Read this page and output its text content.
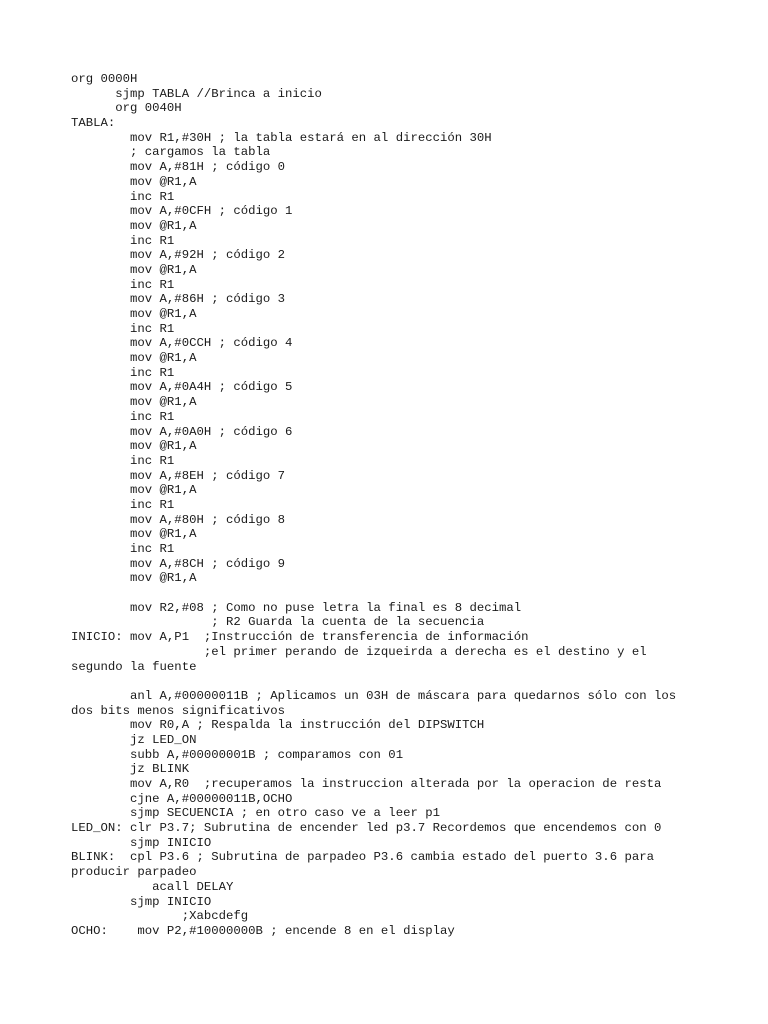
org 0000H
sjmp TABLA //Brinca a inicio
org 0040H
TABLA:
mov R1,#30H ; la tabla estará en al dirección 30H
; cargamos la tabla
mov A,#81H ; código 0
mov @R1,A
inc R1
mov A,#0CFH ; código 1
mov @R1,A
inc R1
mov A,#92H ; código 2
mov @R1,A
inc R1
mov A,#86H ; código 3
mov @R1,A
inc R1
mov A,#0CCH ; código 4
mov @R1,A
inc R1
mov A,#0A4H ; código 5
mov @R1,A
inc R1
mov A,#0A0H ; código 6
mov @R1,A
inc R1
mov A,#8EH ; código 7
mov @R1,A
inc R1
mov A,#80H ; código 8
mov @R1,A
inc R1
mov A,#8CH ; código 9
mov @R1,A
mov R2,#08 ; Como no puse letra la final es 8 decimal
; R2 Guarda la cuenta de la secuencia
INICIO: mov A,P1  ;Instrucción de transferencia de información
;el primer perando de izqueirda a derecha es el destino y el
segundo la fuente
anl A,#00000011B ; Aplicamos un 03H de máscara para quedarnos sólo con los
dos bits menos significativos
mov R0,A ; Respalda la instrucción del DIPSWITCH
jz LED_ON
subb A,#00000001B ; comparamos con 01
jz BLINK
mov A,R0  ;recuperamos la instruccion alterada por la operacion de resta
cjne A,#00000011B,OCHO
sjmp SECUENCIA ; en otro caso ve a leer p1
LED_ON: clr P3.7; Subrutina de encender led p3.7 Recordemos que encendemos con 0
sjmp INICIO
BLINK:  cpl P3.6 ; Subrutina de parpadeo P3.6 cambia estado del puerto 3.6 para
producir parpadeo
acall DELAY
sjmp INICIO
;Xabcdefg
OCHO:    mov P2,#10000000B ; encende 8 en el display
